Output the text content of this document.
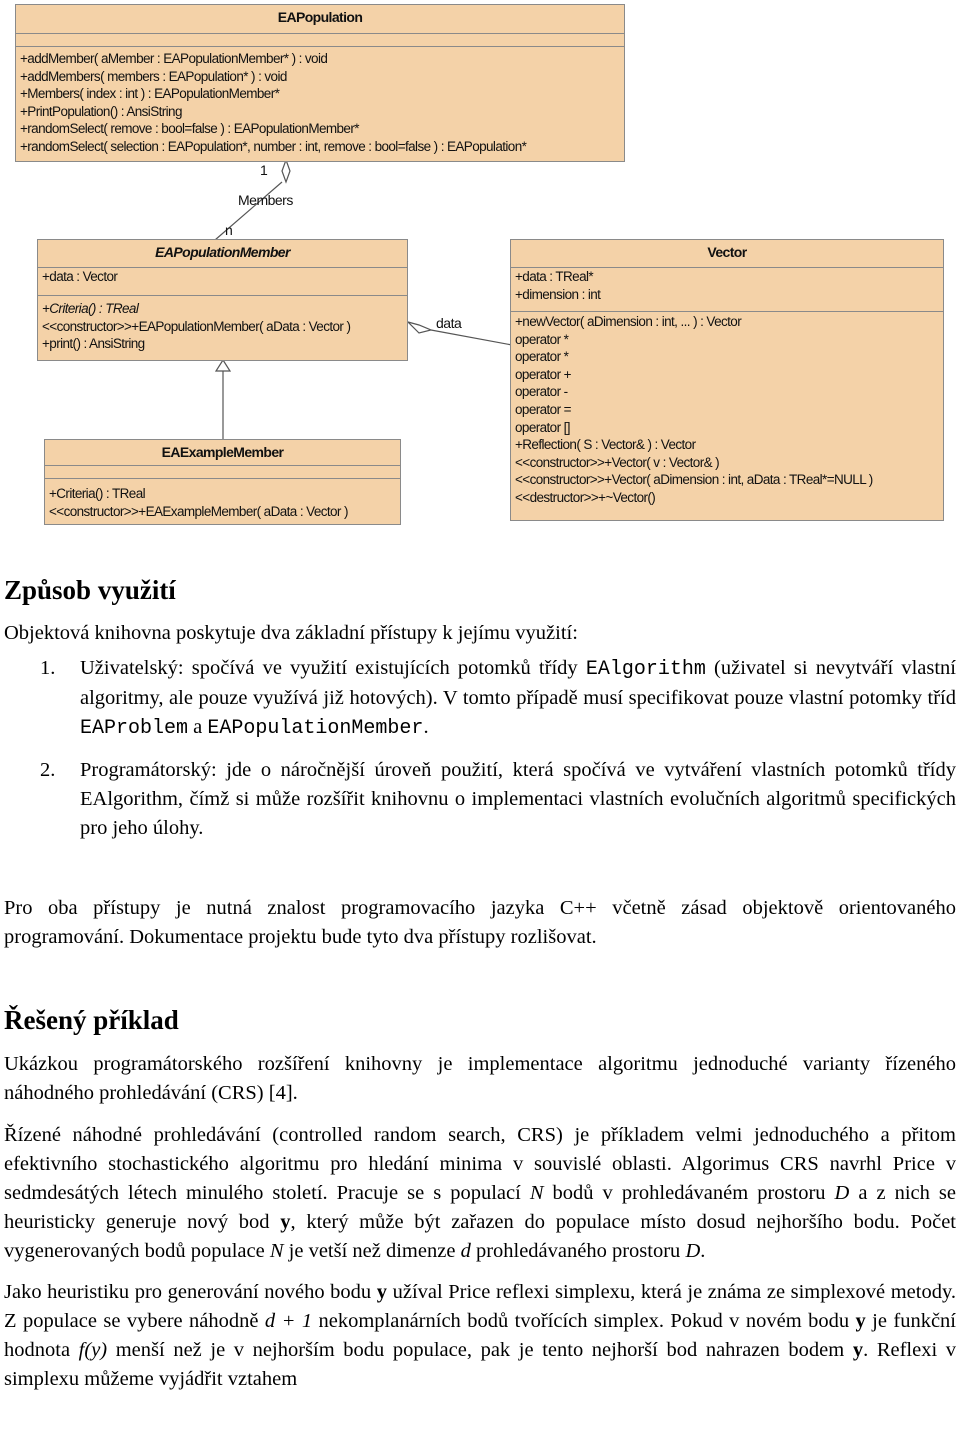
1
Members
n
data
EAPopulation
+addMember( aMember : EAPopulationMember* ) : void
+addMembers( members : EAPopulation* ) : void
+Members( index : int ) : EAPopulationMember*
+PrintPopulation() : AnsiString
+randomSelect( remove : bool=false ) : EAPopulationMember*
+randomSelect( selection : EAPopulation*, number : int, remove : bool=false ) : EAPopulation*
EAPopulationMember
+data : Vector
+Criteria() : TReal
<<constructor>>+EAPopulationMember( aData : Vector )
+print() : AnsiString
EAExampleMember
+Criteria() : TReal
<<constructor>>+EAExampleMember( aData : Vector )
Vector
+data : TReal*
+dimension : int
+newVector( aDimension : int, ... ) : Vector
operator *
operator *
operator +
operator -
operator =
operator []
+Reflection( S : Vector& ) : Vector
<<constructor>>+Vector( v : Vector& )
<<constructor>>+Vector( aDimension : int, aData : TReal*=NULL )
<<destructor>>+~Vector()
Způsob využití

Objektová knihovna poskytuje dva základní přístupy k jejímu využití:

1. Uživatelský: spočívá ve využití existujících potomků třídy EAlgorithm (uživatel si nevytváří vlastní algoritmy, ale pouze využívá již hotových). V tomto případě musí specifikovat pouze vlastní potomky tříd EAProblem a EAPopulationMember.
2. Programátorský: jde o náročnější úroveň použití, která spočívá ve vytváření vlastních potomků třídy EAlgorithm, čímž si může rozšířit knihovnu o implementaci vlastních evolučních algoritmů specifických pro jeho úlohy.

Pro oba přístupy je nutná znalost programovacího jazyka C++ včetně zásad objektově orientovaného programování. Dokumentace projektu bude tyto dva přístupy rozlišovat.

Řešený příklad

Ukázkou programátorského rozšíření knihovny je implementace algoritmu jednoduché varianty řízeného náhodného prohledávání (CRS) [4].

Řízené náhodné prohledávání (controlled random search, CRS) je příkladem velmi jednoduchého a přitom efektivního stochastického algoritmu pro hledání minima v souvislé oblasti. Algorimus CRS navrhl Price v sedmdesátých létech minulého století. Pracuje se s populací N bodů v prohledávaném prostoru D a z nich se heuristicky generuje nový bod y, který může být zařazen do populace místo dosud nejhoršího bodu. Počet vygenerovaných bodů populace N je vetší než dimenze d prohledávaného prostoru D.

Jako heuristiku pro generování nového bodu y užíval Price reflexi simplexu, která je známa ze simplexové metody. Z populace se vybere náhodně d + 1 nekomplanárních bodů tvořících simplex. Pokud v novém bodu y je funkční hodnota f(y) menší než je v nejhorším bodu populace, pak je tento nejhorší bod nahrazen bodem y. Reflexi v simplexu můžeme vyjádřit vztahem
